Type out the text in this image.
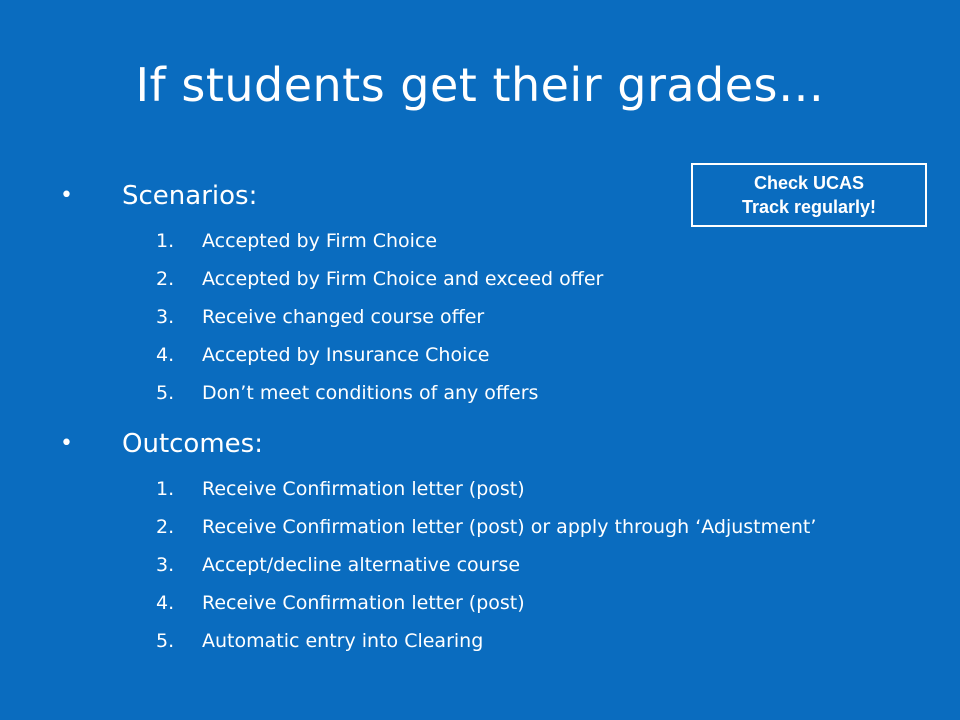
If students get their grades…
Check UCAS
Track regularly!
• Scenarios:
1. Accepted by Firm Choice
2. Accepted by Firm Choice and exceed offer
3. Receive changed course offer
4. Accepted by Insurance Choice
5. Don’t meet conditions of any offers
• Outcomes:
1. Receive Confirmation letter (post)
2. Receive Confirmation letter (post) or apply through ‘Adjustment’
3. Accept/decline alternative course
4. Receive Confirmation letter (post)
5. Automatic entry into Clearing
